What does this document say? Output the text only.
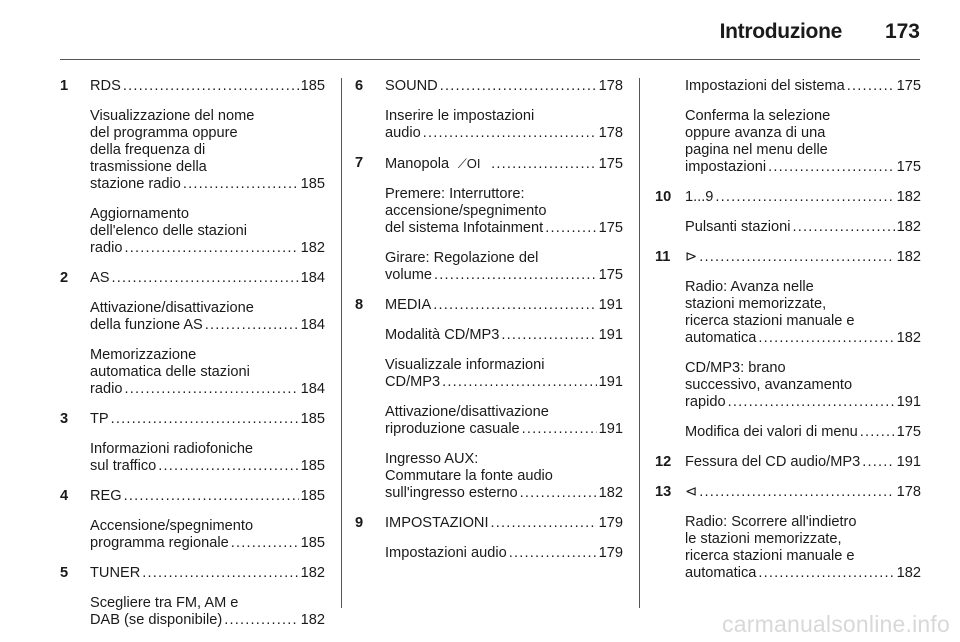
Introduzione 173
1	RDS .....	185
Visualizzazione del nome
del programma oppure
della frequenza di
trasmissione della
stazione radio .....	185
Aggiornamento
dell'elenco delle stazioni
radio .....	182
2	AS .....	184
Attivazione/disattivazione
della funzione AS .....	184
Memorizzazione
automatica delle stazioni
radio .....	184
3	TP .....	185
Informazioni radiofoniche
sul traffico .....	185
4	REG .....	185
Accensione/spegnimento
programma regionale .....	185
5	TUNER .....	182
Scegliere tra FM, AM e
DAB (se disponibile) .....	182
6	SOUND .....	178
Inserire le impostazioni
audio .....	178
7	Manopola ⟋OI .....	175
Premere: Interruttore:
accensione/spegnimento
del sistema Infotainment .....	175
Girare: Regolazione del
volume .....	175
8	MEDIA .....	191
Modalità CD/MP3 .....	191
Visualizzale informazioni
CD/MP3 .....	191
Attivazione/disattivazione
riproduzione casuale .....	191
Ingresso AUX:
Commutare la fonte audio
sull'ingresso esterno .....	182
9	IMPOSTAZIONI .....	179
Impostazioni audio .....	179
Impostazioni del sistema .....	175
Conferma la selezione
oppure avanza di una
pagina nel menu delle
impostazioni .....	175
10 1...9 .....	182
Pulsanti stazioni .....	182
11 ⊳ .....	182
Radio: Avanza nelle
stazioni memorizzate,
ricerca stazioni manuale e
automatica .....	182
CD/MP3: brano
successivo, avanzamento
rapido .....	191
Modifica dei valori di menu .....	175
12 Fessura del CD audio/MP3 ..... 191
13 ⊲ .....	178
Radio: Scorrere all'indietro
le stazioni memorizzate,
ricerca stazioni manuale e
automatica .....	182
carmanualsonline.info
